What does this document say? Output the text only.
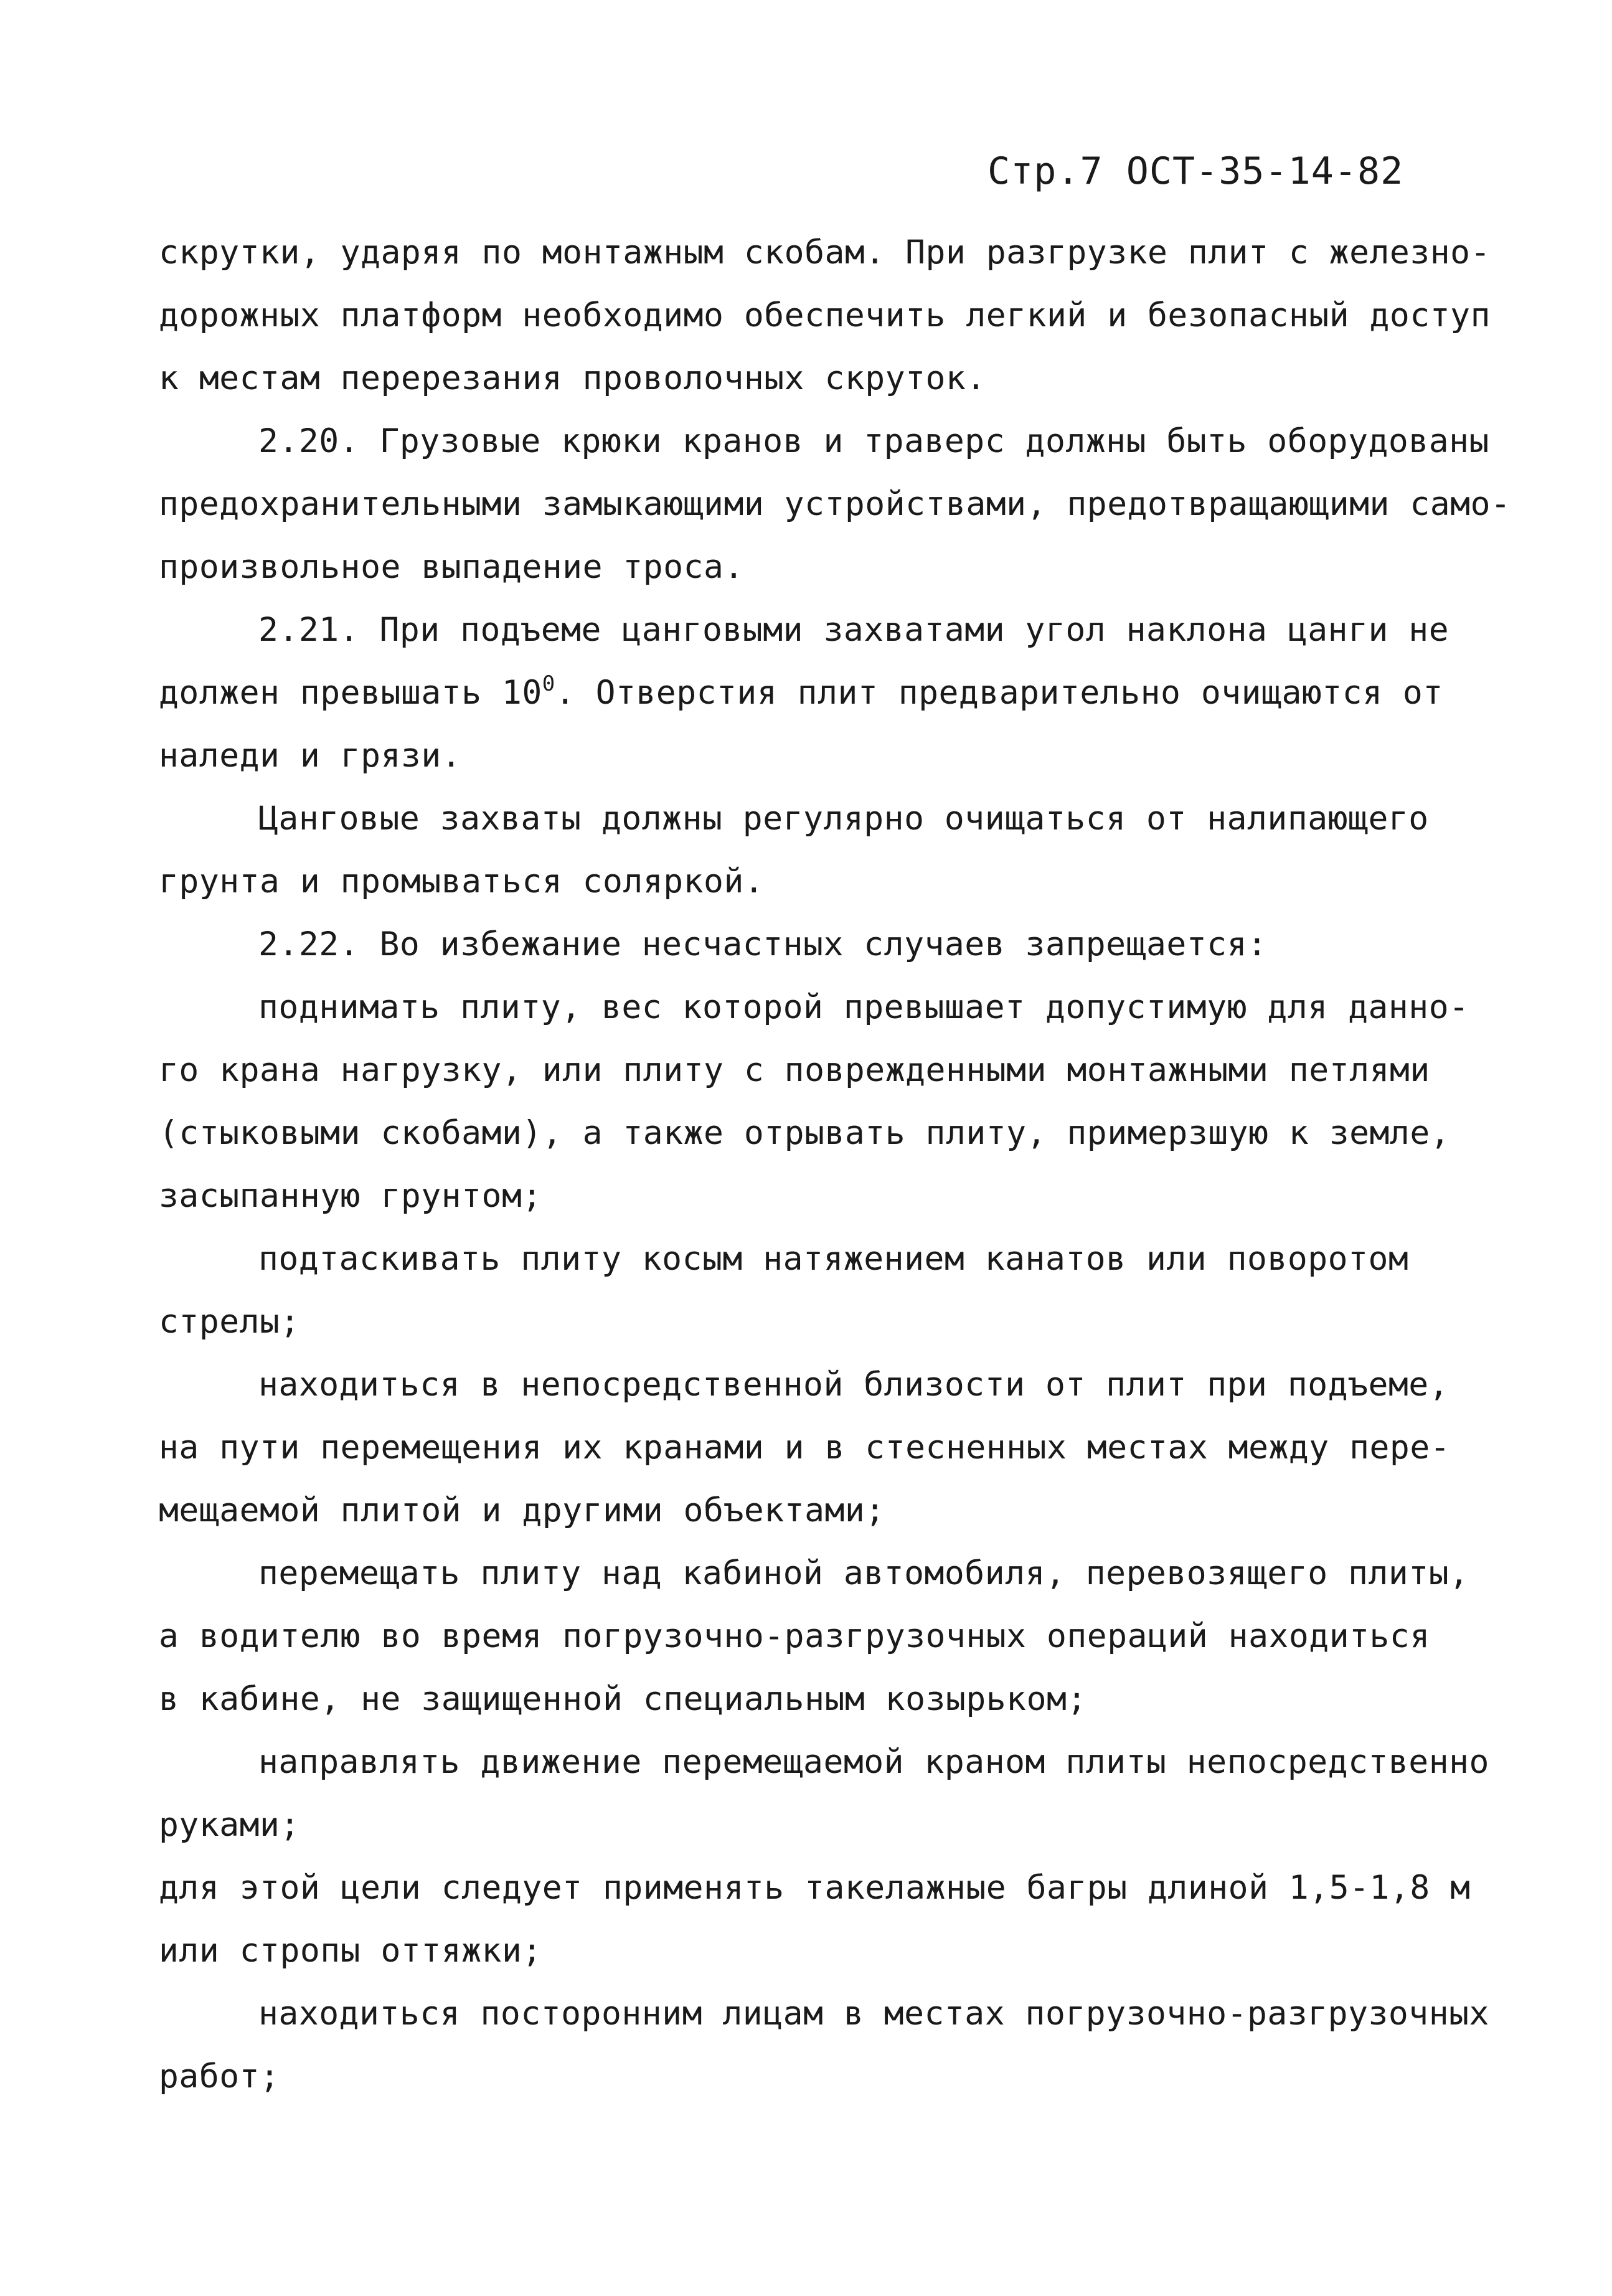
Стр.7 ОСТ-35-14-82
скрутки, ударяя по монтажным скобам. При разгрузке плит с железно-
дорожных платформ необходимо обеспечить легкий и безопасный доступ
к местам перерезания проволочных скруток.
2.20. Грузовые крюки кранов и траверс должны быть оборудованы
предохранительными замыкающими устройствами, предотвращающими само-
произвольное выпадение троса.
2.21. При подъеме цанговыми захватами угол наклона цанги не
должен превышать $10^0$. Отверстия плит предварительно очищаются от
наледи и грязи.
Цанговые захваты должны регулярно очищаться от налипающего
грунта и промываться соляркой.
2.22. Во избежание несчастных случаев запрещается:
поднимать плиту, вес которой превышает допустимую для данно-
го крана нагрузку, или плиту с поврежденными монтажными петлями
(стыковыми скобами), а также отрывать плиту, примерзшую к земле,
засыпанную грунтом;
подтаскивать плиту косым натяжением канатов или поворотом
стрелы;
находиться в непосредственной близости от плит при подъеме,
на пути перемещения их кранами и в стесненных местах между пере-
мещаемой плитой и другими объектами;
перемещать плиту над кабиной автомобиля, перевозящего плиты,
а водителю во время погрузочно-разгрузочных операций находиться
в кабине, не защищенной специальным козырьком;
направлять движение перемещаемой краном плиты непосредственно
руками;
для этой цели следует применять такелажные багры длиной 1,5-1,8 м
или стропы оттяжки;
находиться посторонним лицам в местах погрузочно-разгрузочных
работ;
